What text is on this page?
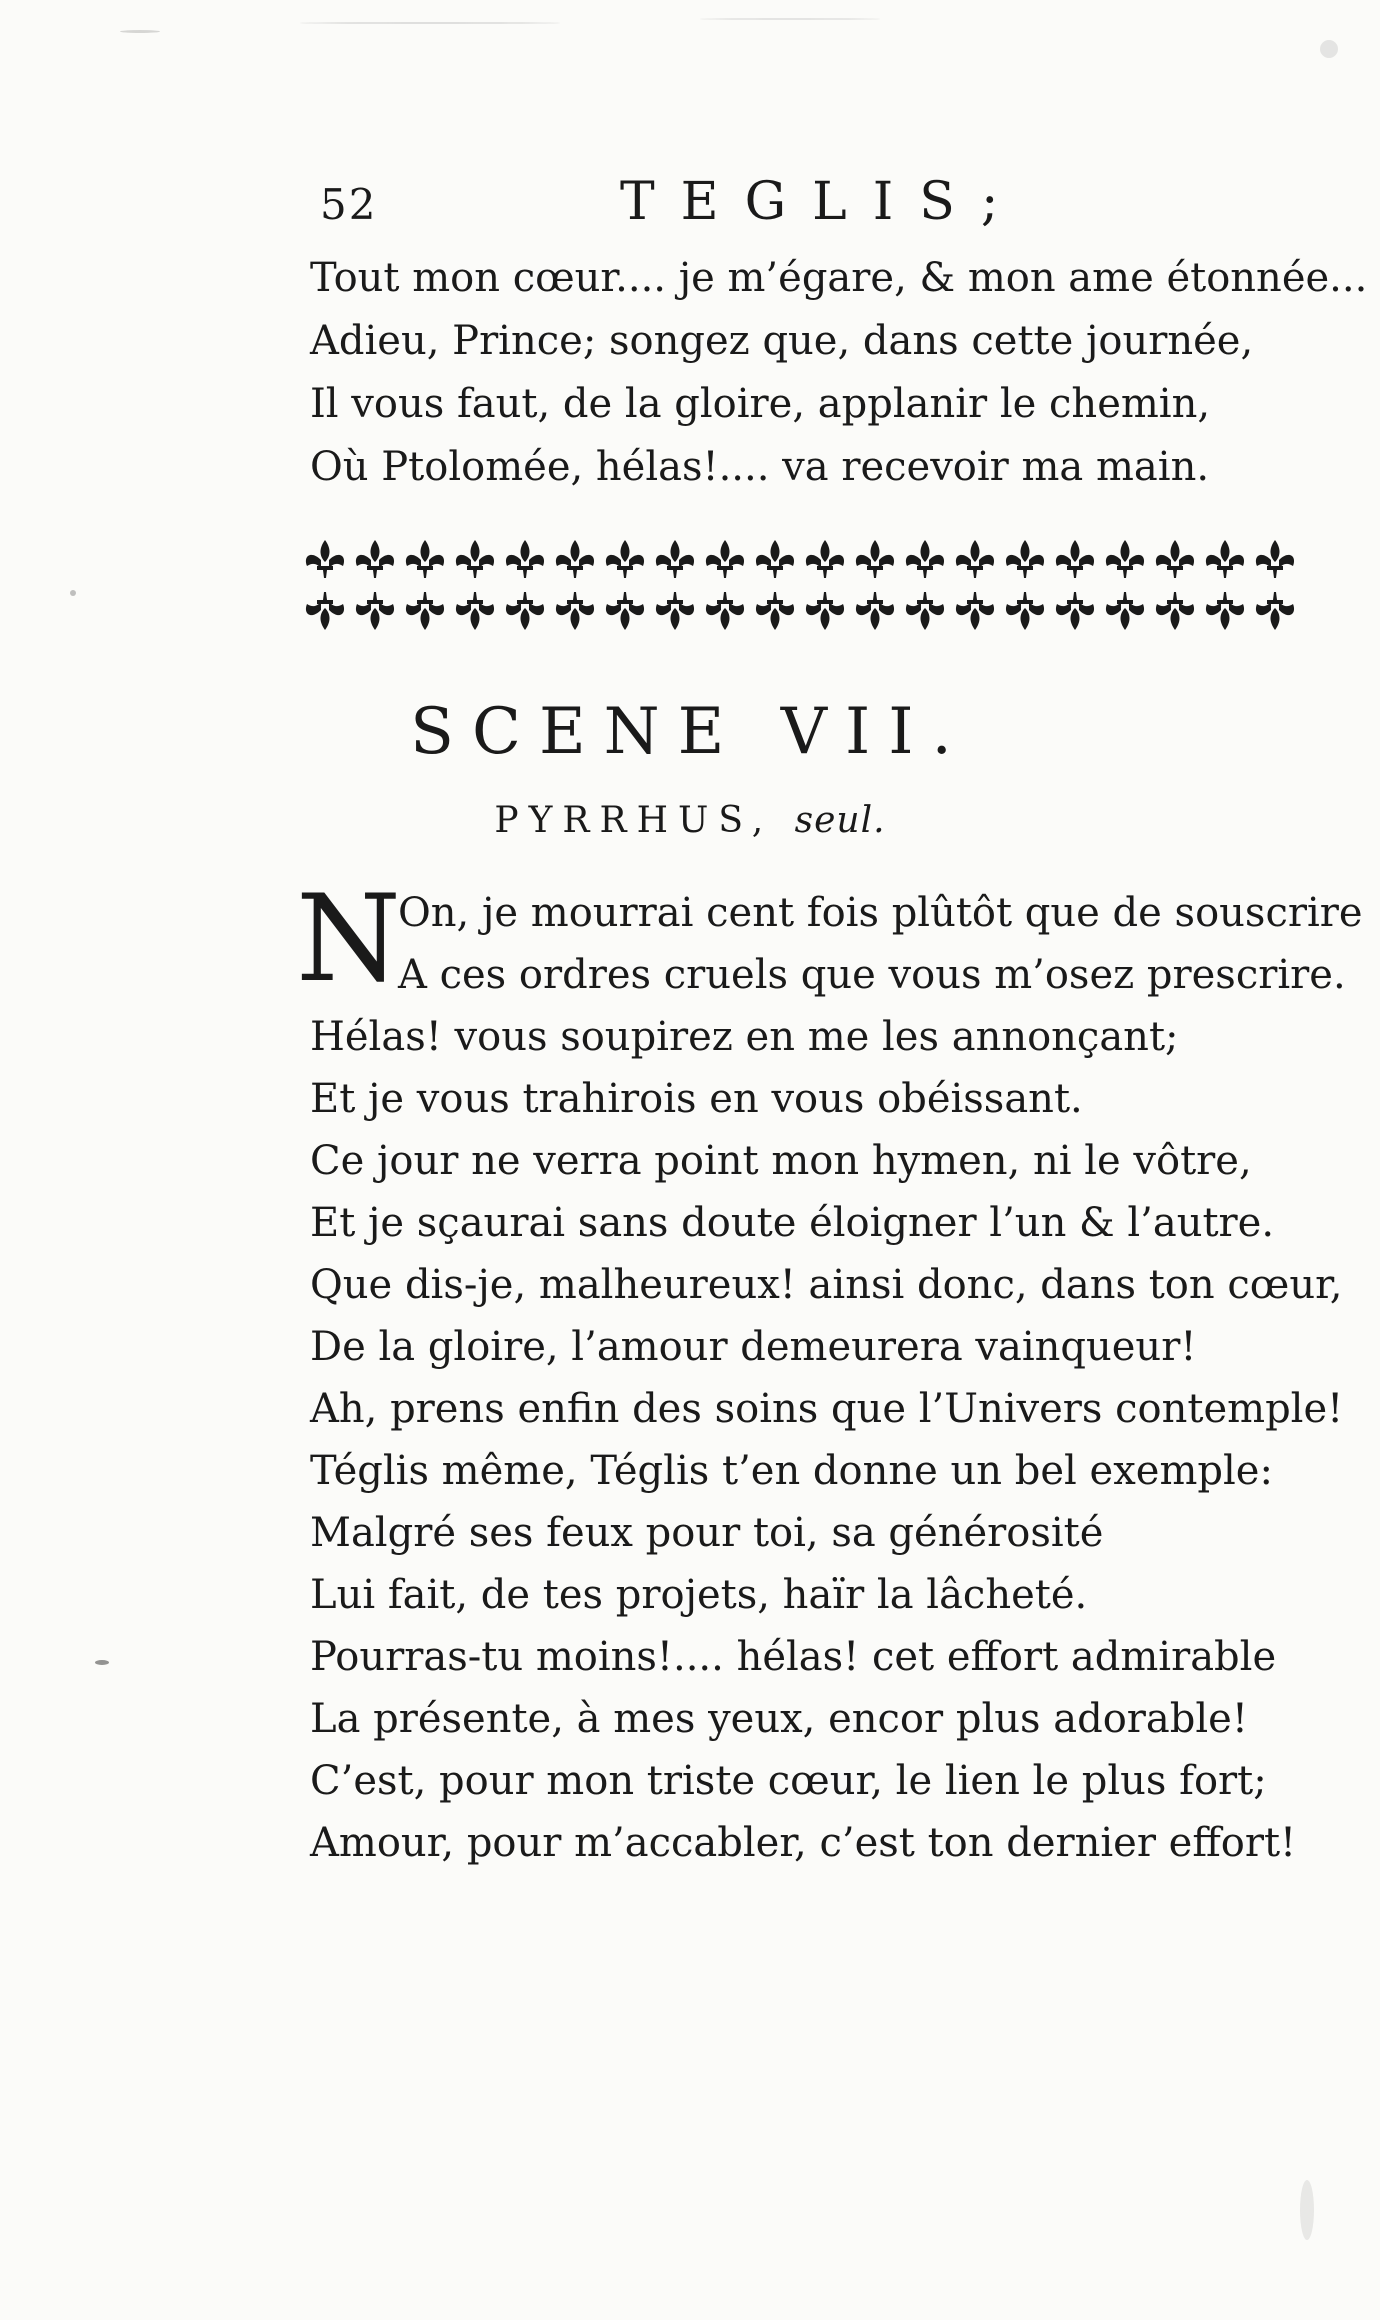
52	TEGLIS;
Tout mon cœur.... je m’égare, & mon ame étonnée...
Adieu, Prince; songez que, dans cette journée,
Il vous faut, de la gloire, applanir le chemin,
Où Ptolomée, hélas!.... va recevoir ma main.
SCENE VII.
PYRRHUS, seul.
N
On, je mourrai cent fois plûtôt que de souscrire
A ces ordres cruels que vous m’osez prescrire.
Hélas! vous soupirez en me les annonçant;
Et je vous trahirois en vous obéissant.
Ce jour ne verra point mon hymen, ni le vôtre,
Et je sçaurai sans doute éloigner l’un & l’autre.
Que dis-je, malheureux! ainsi donc, dans ton cœur,
De la gloire, l’amour demeurera vainqueur!
Ah, prens enfin des soins que l’Univers contemple!
Téglis même, Téglis t’en donne un bel exemple:
Malgré ses feux pour toi, sa générosité
Lui fait, de tes projets, haïr la lâcheté.
Pourras-tu moins!.... hélas! cet effort admirable
La présente, à mes yeux, encor plus adorable!
C’est, pour mon triste cœur, le lien le plus fort;
Amour, pour m’accabler, c’est ton dernier effort!
